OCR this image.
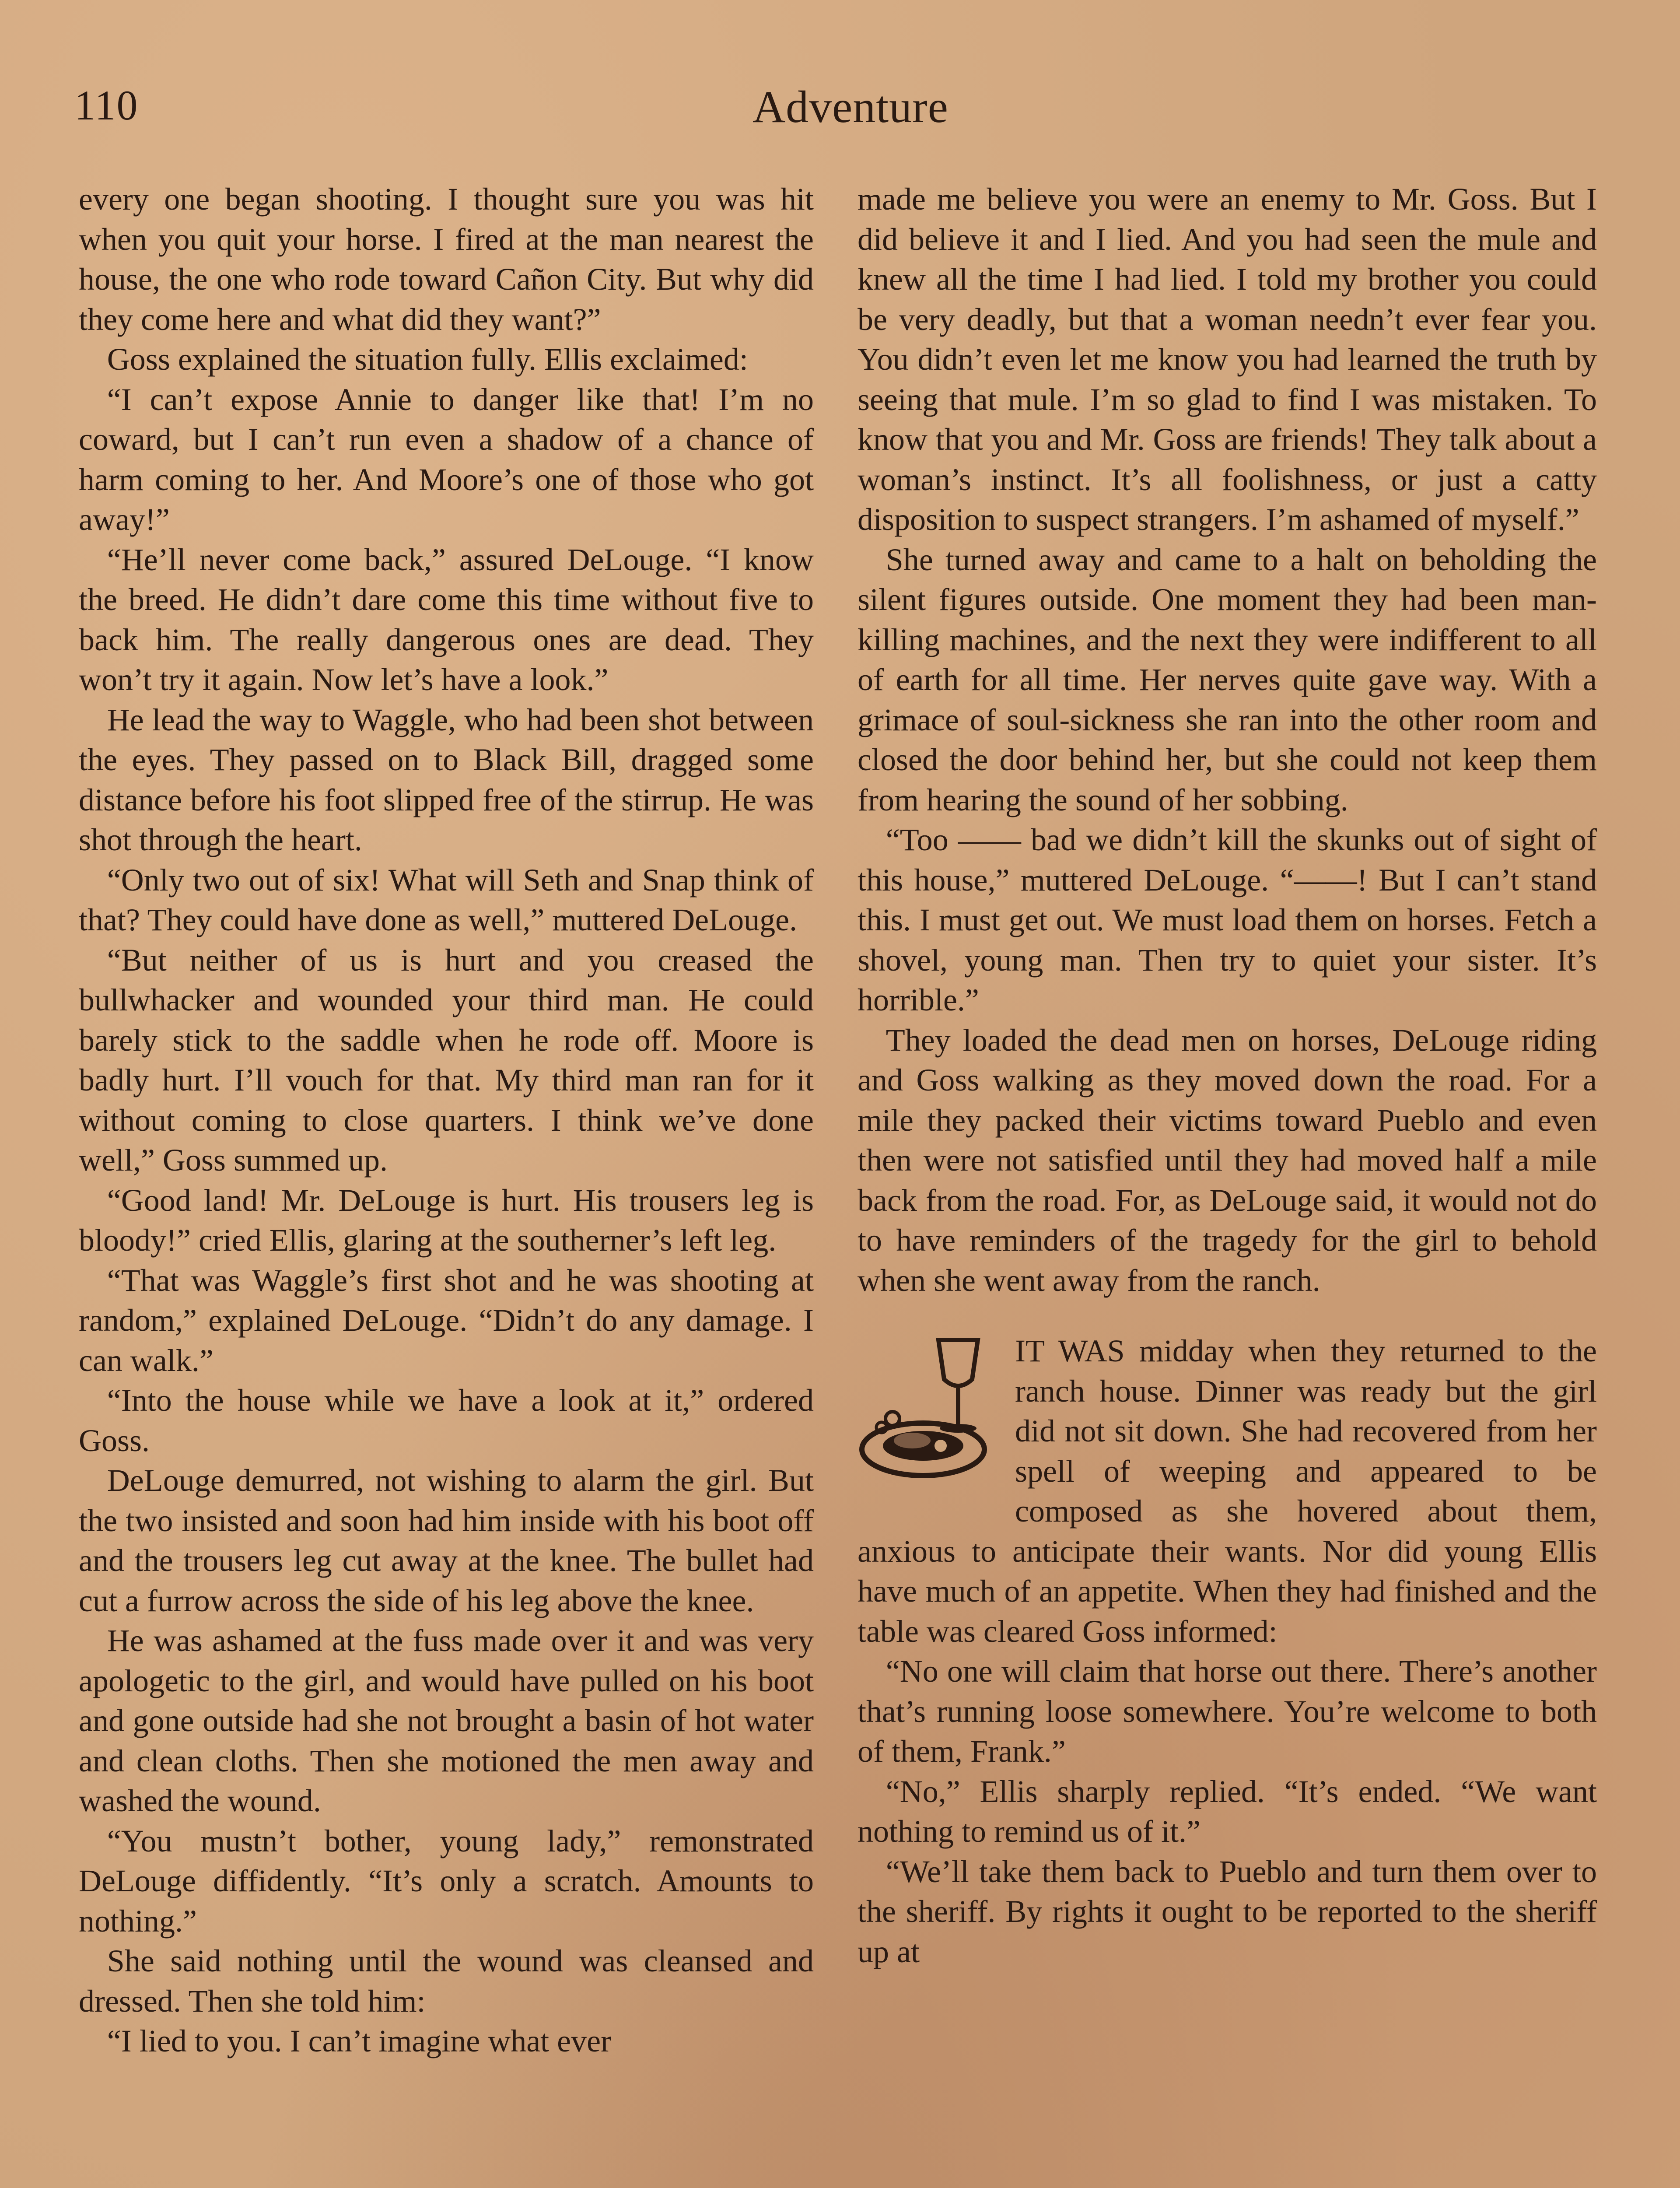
110	Adventure

every one began shooting. I thought sure you was hit when you quit your horse. I fired at the man nearest the house, the one who rode toward Cañon City. But why did they come here and what did they want?”

Goss explained the situation fully. Ellis exclaimed:

“I can’t expose Annie to danger like that! I’m no coward, but I can’t run even a shadow of a chance of harm coming to her. And Moore’s one of those who got away!”

“He’ll never come back,” assured DeLouge. “I know the breed. He didn’t dare come this time without five to back him. The really dangerous ones are dead. They won’t try it again. Now let’s have a look.”

He lead the way to Waggle, who had been shot between the eyes. They passed on to Black Bill, dragged some distance before his foot slipped free of the stirrup. He was shot through the heart.

“Only two out of six! What will Seth and Snap think of that? They could have done as well,” muttered DeLouge.

“But neither of us is hurt and you creased the bullwhacker and wounded your third man. He could barely stick to the saddle when he rode off. Moore is badly hurt. I’ll vouch for that. My third man ran for it without coming to close quarters. I think we’ve done well,” Goss summed up.

“Good land! Mr. DeLouge is hurt. His trousers leg is bloody!” cried Ellis, glaring at the southerner’s left leg.

“That was Waggle’s first shot and he was shooting at random,” explained DeLouge. “Didn’t do any damage. I can walk.”

“Into the house while we have a look at it,” ordered Goss.

DeLouge demurred, not wishing to alarm the girl. But the two insisted and soon had him inside with his boot off and the trousers leg cut away at the knee. The bullet had cut a furrow across the side of his leg above the knee.

He was ashamed at the fuss made over it and was very apologetic to the girl, and would have pulled on his boot and gone outside had she not brought a basin of hot water and clean cloths. Then she motioned the men away and washed the wound.

“You mustn’t bother, young lady,” remonstrated DeLouge diffidently. “It’s only a scratch. Amounts to nothing.”

She said nothing until the wound was cleansed and dressed. Then she told him:

“I lied to you. I can’t imagine what ever

made me believe you were an enemy to Mr. Goss. But I did believe it and I lied. And you had seen the mule and knew all the time I had lied. I told my brother you could be very deadly, but that a woman needn’t ever fear you. You didn’t even let me know you had learned the truth by seeing that mule. I’m so glad to find I was mistaken. To know that you and Mr. Goss are friends! They talk about a woman’s instinct. It’s all foolishness, or just a catty disposition to suspect strangers. I’m ashamed of myself.”

She turned away and came to a halt on beholding the silent figures outside. One moment they had been man-killing machines, and the next they were indifferent to all of earth for all time. Her nerves quite gave way. With a grimace of soul-sickness she ran into the other room and closed the door behind her, but she could not keep them from hearing the sound of her sobbing.

“Too —— bad we didn’t kill the skunks out of sight of this house,” muttered DeLouge. “——! But I can’t stand this. I must get out. We must load them on horses. Fetch a shovel, young man. Then try to quiet your sister. It’s horrible.”

They loaded the dead men on horses, DeLouge riding and Goss walking as they moved down the road. For a mile they packed their victims toward Pueblo and even then were not satisfied until they had moved half a mile back from the road. For, as DeLouge said, it would not do to have reminders of the tragedy for the girl to behold when she went away from the ranch.

IT WAS midday when they returned to the ranch house. Dinner was ready but the girl did not sit down. She had recovered from her spell of weeping and appeared to be composed as she hovered about them, anxious to anticipate their wants. Nor did young Ellis have much of an appetite. When they had finished and the table was cleared Goss informed:

“No one will claim that horse out there. There’s another that’s running loose somewhere. You’re welcome to both of them, Frank.”

“No,” Ellis sharply replied. “It’s ended. “We want nothing to remind us of it.”

“We’ll take them back to Pueblo and turn them over to the sheriff. By rights it ought to be reported to the sheriff up at
